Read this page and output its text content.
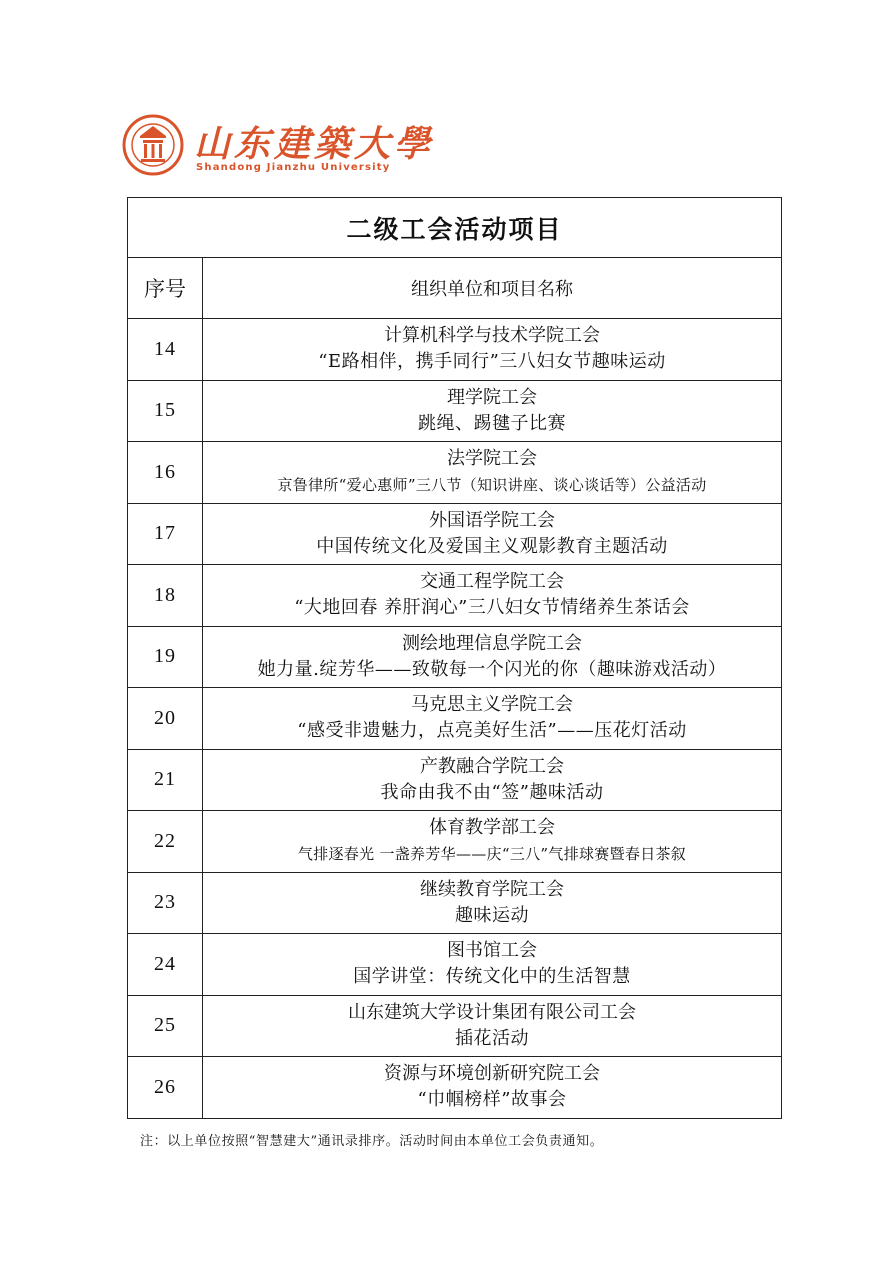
山东建築大學
Shandong Jianzhu University
二级工会活动项目	
序号	组织单位和项目名称
14	计算机科学与技术学院工会
“E路相伴，携手同行”三八妇女节趣味运动

15	理学院工会
跳绳、踢毽子比赛

16	法学院工会
京鲁律所“爱心惠师”三八节（知识讲座、谈心谈话等）公益活动

17	外国语学院工会
中国传统文化及爱国主义观影教育主题活动

18	交通工程学院工会
“大地回春 养肝润心”三八妇女节情绪养生茶话会

19	测绘地理信息学院工会
她力量.绽芳华——致敬每一个闪光的你（趣味游戏活动）

20	马克思主义学院工会
“感受非遗魅力，点亮美好生活”——压花灯活动

21	产教融合学院工会
我命由我不由“签”趣味活动

22	体育教学部工会
气排逐春光 一盏养芳华——庆“三八”气排球赛暨春日茶叙

23	继续教育学院工会
趣味运动

24	图书馆工会
国学讲堂：传统文化中的生活智慧

25	山东建筑大学设计集团有限公司工会
插花活动

26	资源与环境创新研究院工会
“巾帼榜样”故事会
注：以上单位按照“智慧建大”通讯录排序。活动时间由本单位工会负责通知。
